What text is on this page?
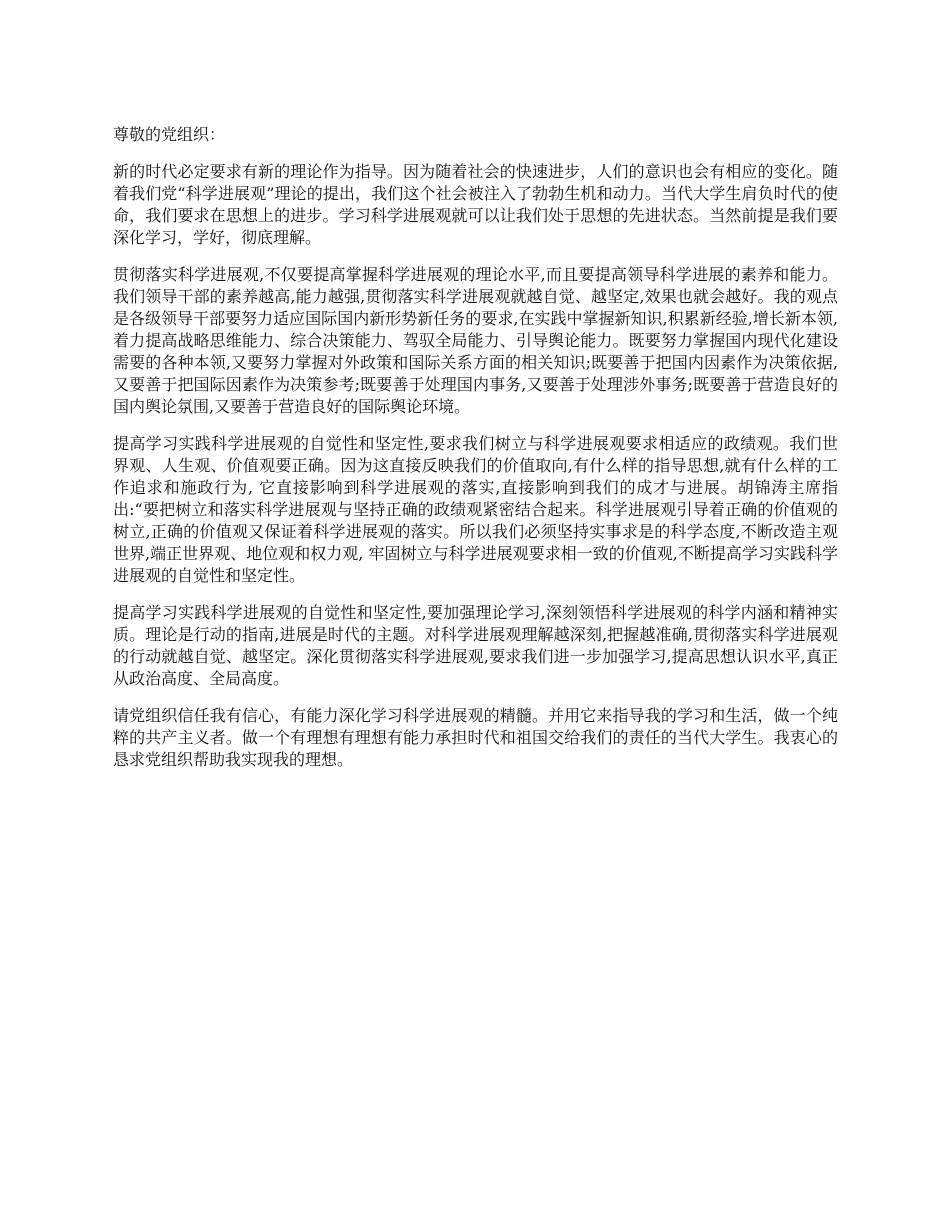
尊敬的党组织：

新的时代必定要求有新的理论作为指导。因为随着社会的快速进步，人们的意识也会有相应的变化。随着我们党“科学进展观”理论的提出，我们这个社会被注入了勃勃生机和动力。当代大学生肩负时代的使命，我们要求在思想上的进步。学习科学进展观就可以让我们处于思想的先进状态。当然前提是我们要深化学习，学好，彻底理解。

贯彻落实科学进展观,不仅要提高掌握科学进展观的理论水平,而且要提高领导科学进展的素养和能力。我们领导干部的素养越高,能力越强,贯彻落实科学进展观就越自觉、越坚定,效果也就会越好。我的观点是各级领导干部要努力适应国际国内新形势新任务的要求,在实践中掌握新知识,积累新经验,增长新本领,着力提高战略思维能力、综合决策能力、驾驭全局能力、引导舆论能力。既要努力掌握国内现代化建设需要的各种本领,又要努力掌握对外政策和国际关系方面的相关知识;既要善于把国内因素作为决策依据,又要善于把国际因素作为决策参考;既要善于处理国内事务,又要善于处理涉外事务;既要善于营造良好的国内舆论氛围,又要善于营造良好的国际舆论环境。

提高学习实践科学进展观的自觉性和坚定性,要求我们树立与科学进展观要求相适应的政绩观。我们世界观、人生观、价值观要正确。因为这直接反映我们的价值取向,有什么样的指导思想,就有什么样的工作追求和施政行为, 它直接影响到科学进展观的落实,直接影响到我们的成才与进展。胡锦涛主席指出:“要把树立和落实科学进展观与坚持正确的政绩观紧密结合起来。科学进展观引导着正确的价值观的树立,正确的价值观又保证着科学进展观的落实。所以我们必须坚持实事求是的科学态度,不断改造主观世界,端正世界观、地位观和权力观, 牢固树立与科学进展观要求相一致的价值观,不断提高学习实践科学进展观的自觉性和坚定性。

提高学习实践科学进展观的自觉性和坚定性,要加强理论学习,深刻领悟科学进展观的科学内涵和精神实质。理论是行动的指南,进展是时代的主题。对科学进展观理解越深刻,把握越准确,贯彻落实科学进展观的行动就越自觉、越坚定。深化贯彻落实科学进展观,要求我们进一步加强学习,提高思想认识水平,真正从政治高度、全局高度。

请党组织信任我有信心，有能力深化学习科学进展观的精髓。并用它来指导我的学习和生活，做一个纯粹的共产主义者。做一个有理想有理想有能力承担时代和祖国交给我们的责任的当代大学生。我衷心的恳求党组织帮助我实现我的理想。
